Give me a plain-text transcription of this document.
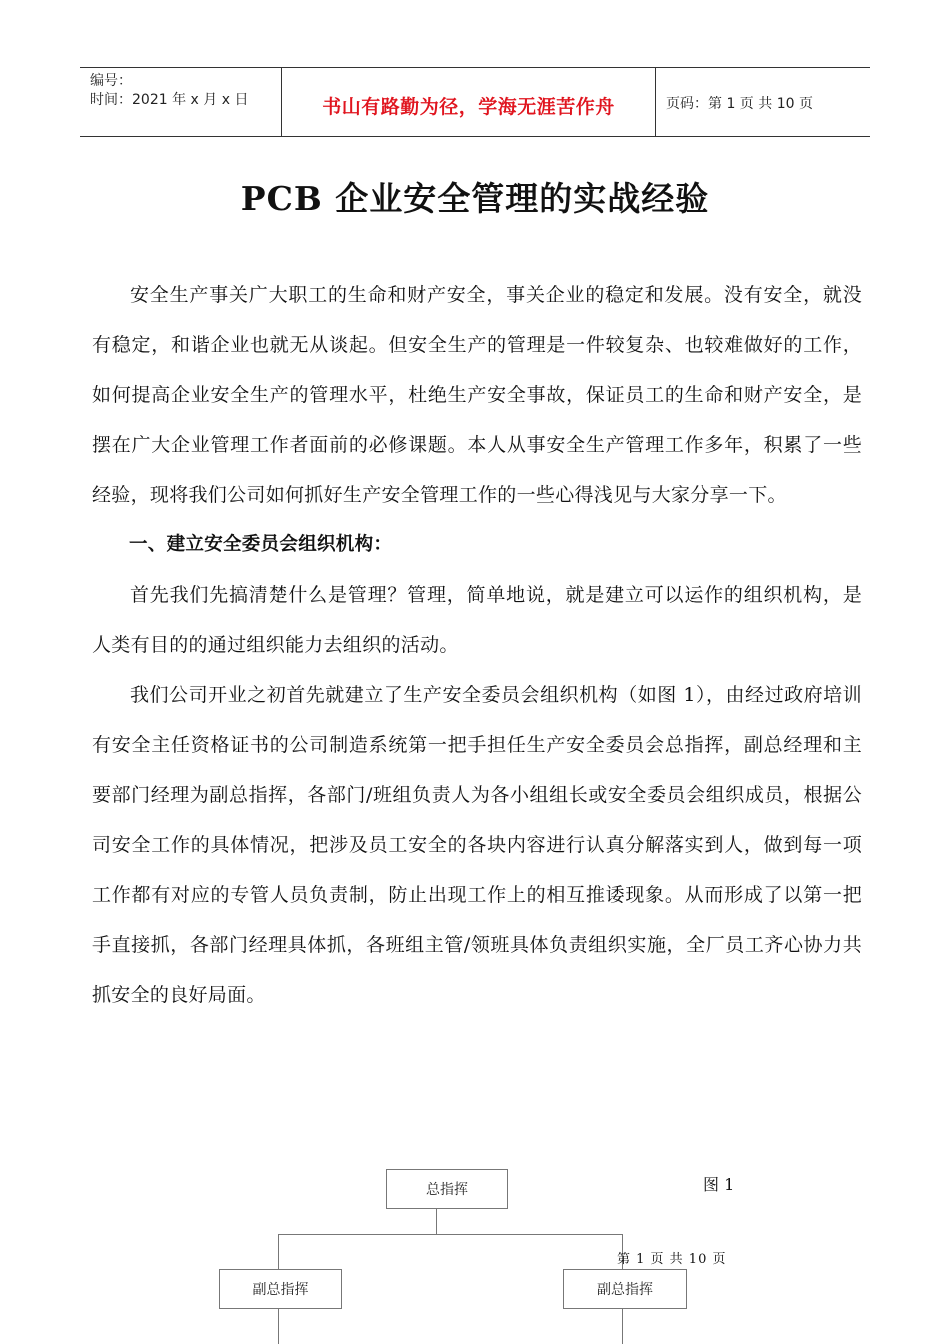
编号：
时间：2021 年 x 月 x 日	书山有路勤为径，学海无涯苦作舟	页码：第 1 页 共 10 页
PCB 企业安全管理的实战经验

安全生产事关广大职工的生命和财产安全，事关企业的稳定和发展。没有安全，就没有稳定，和谐企业也就无从谈起。但安全生产的管理是一件较复杂、也较难做好的工作，如何提高企业安全生产的管理水平，杜绝生产安全事故，保证员工的生命和财产安全，是摆在广大企业管理工作者面前的必修课题。本人从事安全生产管理工作多年，积累了一些经验，现将我们公司如何抓好生产安全管理工作的一些心得浅见与大家分享一下。

一、建立安全委员会组织机构：

首先我们先搞清楚什么是管理？管理，简单地说，就是建立可以运作的组织机构，是人类有目的的通过组织能力去组织的活动。

我们公司开业之初首先就建立了生产安全委员会组织机构（如图 1），由经过政府培训有安全主任资格证书的公司制造系统第一把手担任生产安全委员会总指挥，副总经理和主要部门经理为副总指挥，各部门/班组负责人为各小组组长或安全委员会组织成员，根据公司安全工作的具体情况，把涉及员工安全的各块内容进行认真分解落实到人，做到每一项工作都有对应的专管人员负责制，防止出现工作上的相互推诿现象。从而形成了以第一把手直接抓，各部门经理具体抓，各班组主管/领班具体负责组织实施，全厂员工齐心协力共抓安全的良好局面。

总指挥
副总指挥	副总指挥
图 1
第 1 页 共 10 页
